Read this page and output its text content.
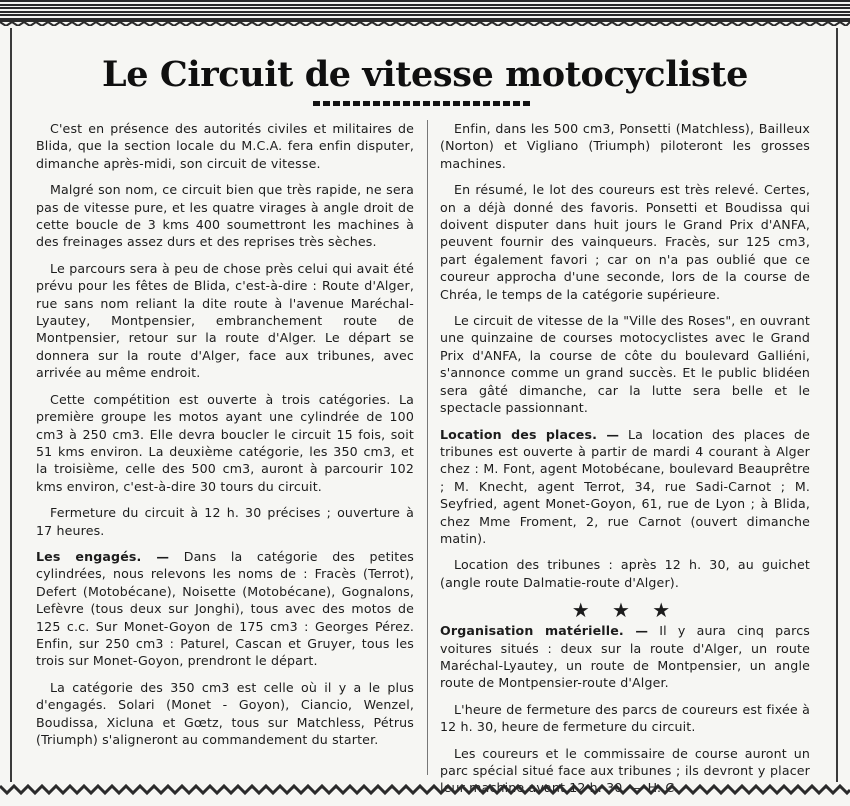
Le Circuit de vitesse motocycliste

C'est en présence des autorités civiles et militaires de Blida, que la section locale du M.C.A. fera enfin disputer, dimanche après-midi, son circuit de vitesse.

Malgré son nom, ce circuit bien que très rapide, ne sera pas de vitesse pure, et les quatre virages à angle droit de cette boucle de 3 kms 400 soumettront les machines à des freinages assez durs et des reprises très sèches.

Le parcours sera à peu de chose près celui qui avait été prévu pour les fêtes de Blida, c'est-à-dire : Route d'Alger, rue sans nom reliant la dite route à l'avenue Maréchal-Lyautey, Montpensier, embranchement route de Montpensier, retour sur la route d'Alger. Le départ se donnera sur la route d'Alger, face aux tribunes, avec arrivée au même endroit.

Cette compétition est ouverte à trois catégories. La première groupe les motos ayant une cylindrée de 100 cm3 à 250 cm3. Elle devra boucler le circuit 15 fois, soit 51 kms environ. La deuxième catégorie, les 350 cm3, et la troisième, celle des 500 cm3, auront à parcourir 102 kms environ, c'est-à-dire 30 tours du circuit.

Fermeture du circuit à 12 h. 30 précises ; ouverture à 17 heures.

Les engagés. — Dans la catégorie des petites cylindrées, nous relevons les noms de : Fracès (Terrot), Defert (Motobécane), Noisette (Motobécane), Gognalons, Lefèvre (tous deux sur Jonghi), tous avec des motos de 125 c.c. Sur Monet-Goyon de 175 cm3 : Georges Pérez. Enfin, sur 250 cm3 : Paturel, Cascan et Gruyer, tous les trois sur Monet-Goyon, prendront le départ.

La catégorie des 350 cm3 est celle où il y a le plus d'engagés. Solari (Monet - Goyon), Ciancio, Wenzel, Boudissa, Xicluna et Gœtz, tous sur Matchless, Pétrus (Triumph) s'aligneront au commandement du starter.

Enfin, dans les 500 cm3, Ponsetti (Matchless), Bailleux (Norton) et Vigliano (Triumph) piloteront les grosses machines.

En résumé, le lot des coureurs est très relevé. Certes, on a déjà donné des favoris. Ponsetti et Boudissa qui doivent disputer dans huit jours le Grand Prix d'ANFA, peuvent fournir des vainqueurs. Fracès, sur 125 cm3, part également favori ; car on n'a pas oublié que ce coureur approcha d'une seconde, lors de la course de Chréa, le temps de la catégorie supérieure.

Le circuit de vitesse de la "Ville des Roses", en ouvrant une quinzaine de courses motocyclistes avec le Grand Prix d'ANFA, la course de côte du boulevard Galliéni, s'annonce comme un grand succès. Et le public blidéen sera gâté dimanche, car la lutte sera belle et le spectacle passionnant.

Location des places. — La location des places de tribunes est ouverte à partir de mardi 4 courant à Alger chez : M. Font, agent Motobécane, boulevard Beauprêtre ; M. Knecht, agent Terrot, 34, rue Sadi-Carnot ; M. Seyfried, agent Monet-Goyon, 61, rue de Lyon ; à Blida, chez Mme Froment, 2, rue Carnot (ouvert dimanche matin).

Location des tribunes : après 12 h. 30, au guichet (angle route Dalmatie-route d'Alger).

★ ★ ★

Organisation matérielle. — Il y aura cinq parcs voitures situés : deux sur la route d'Alger, un route Maréchal-Lyautey, un route de Montpensier, un angle route de Montpensier-route d'Alger.

L'heure de fermeture des parcs de coureurs est fixée à 12 h. 30, heure de fermeture du circuit.

Les coureurs et le commissaire de course auront un parc spécial situé face aux tribunes ; ils devront y placer leur machine avant 12 h. 30. — H. C.
